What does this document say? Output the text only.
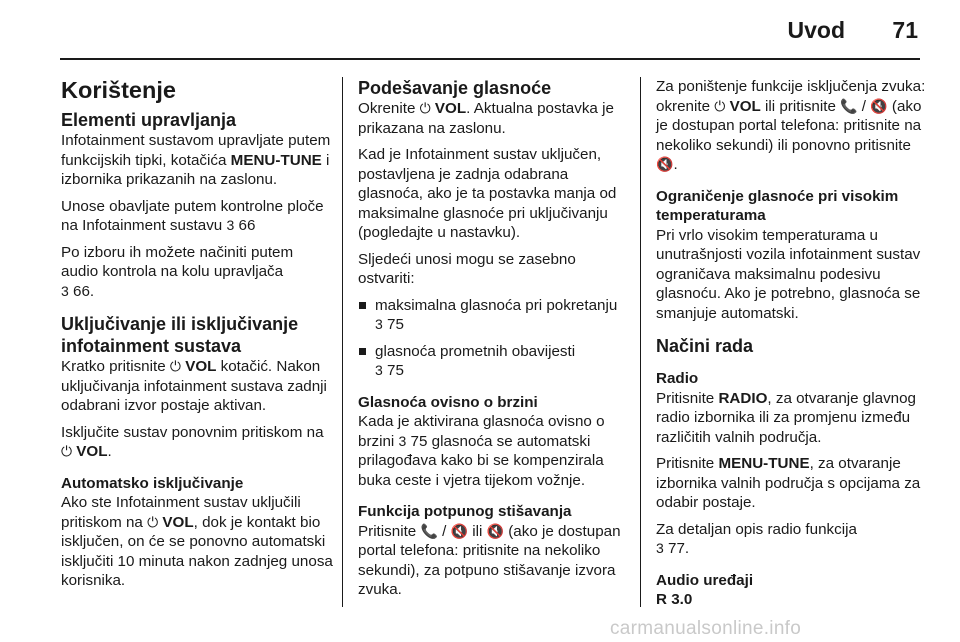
Uvod 71
Korištenje
Elementi upravljanja

Infotainment sustavom upravljate putem funkcijskih tipki, kotačića MENU-TUNE i izbornika prikazanih na zaslonu.

Unose obavljate putem kontrolne ploče na Infotainment sustavu 3 66

Po izboru ih možete načiniti putem audio kontrola na kolu upravljača
3 66.

Uključivanje ili isključivanje infotainment sustava

Kratko pritisnite ⏻ VOL kotačić. Nakon uključivanja infotainment sustava zadnji odabrani izvor postaje aktivan.

Isključite sustav ponovnim pritiskom na ⏻ VOL.

Automatsko isključivanje

Ako ste Infotainment sustav uključili pritiskom na ⏻ VOL, dok je kontakt bio isključen, on će se ponovno automatski isključiti 10 minuta nakon zadnjeg unosa korisnika.

Podešavanje glasnoće

Okrenite ⏻ VOL. Aktualna postavka je prikazana na zaslonu.

Kad je Infotainment sustav uključen, postavljena je zadnja odabrana glasnoća, ako je ta postavka manja od maksimalne glasnoće pri uključivanju (pogledajte u nastavku).

Sljedeći unosi mogu se zasebno ostvariti:

maksimalna glasnoća pri pokretanju 3 75
glasnoća prometnih obavijesti
3 75
Glasnoća ovisno o brzini

Kada je aktivirana glasnoća ovisno o brzini 3 75 glasnoća se automatski prilagođava kako bi se kompenzirala buka ceste i vjetra tijekom vožnje.

Funkcija potpunog stišavanja

Pritisnite 📞 / 🔇 ili 🔇 (ako je dostupan portal telefona: pritisnite na nekoliko sekundi), za potpuno stišavanje izvora zvuka.

Za poništenje funkcije isključenja zvuka: okrenite ⏻ VOL ili pritisnite 📞 / 🔇 (ako je dostupan portal telefona: pritisnite na nekoliko sekundi) ili ponovno pritisnite 🔇.

Ograničenje glasnoće pri visokim temperaturama

Pri vrlo visokim temperaturama u unutrašnjosti vozila infotainment sustav ograničava maksimalnu podesivu glasnoću. Ako je potrebno, glasnoća se smanjuje automatski.

Načini rada
Radio

Pritisnite RADIO, za otvaranje glavnog radio izbornika ili za promjenu između različitih valnih područja.

Pritisnite MENU-TUNE, za otvaranje izbornika valnih područja s opcijama za odabir postaje.

Za detaljan opis radio funkcija
3 77.

Audio uređaji
R 3.0
carmanualsonline.info
